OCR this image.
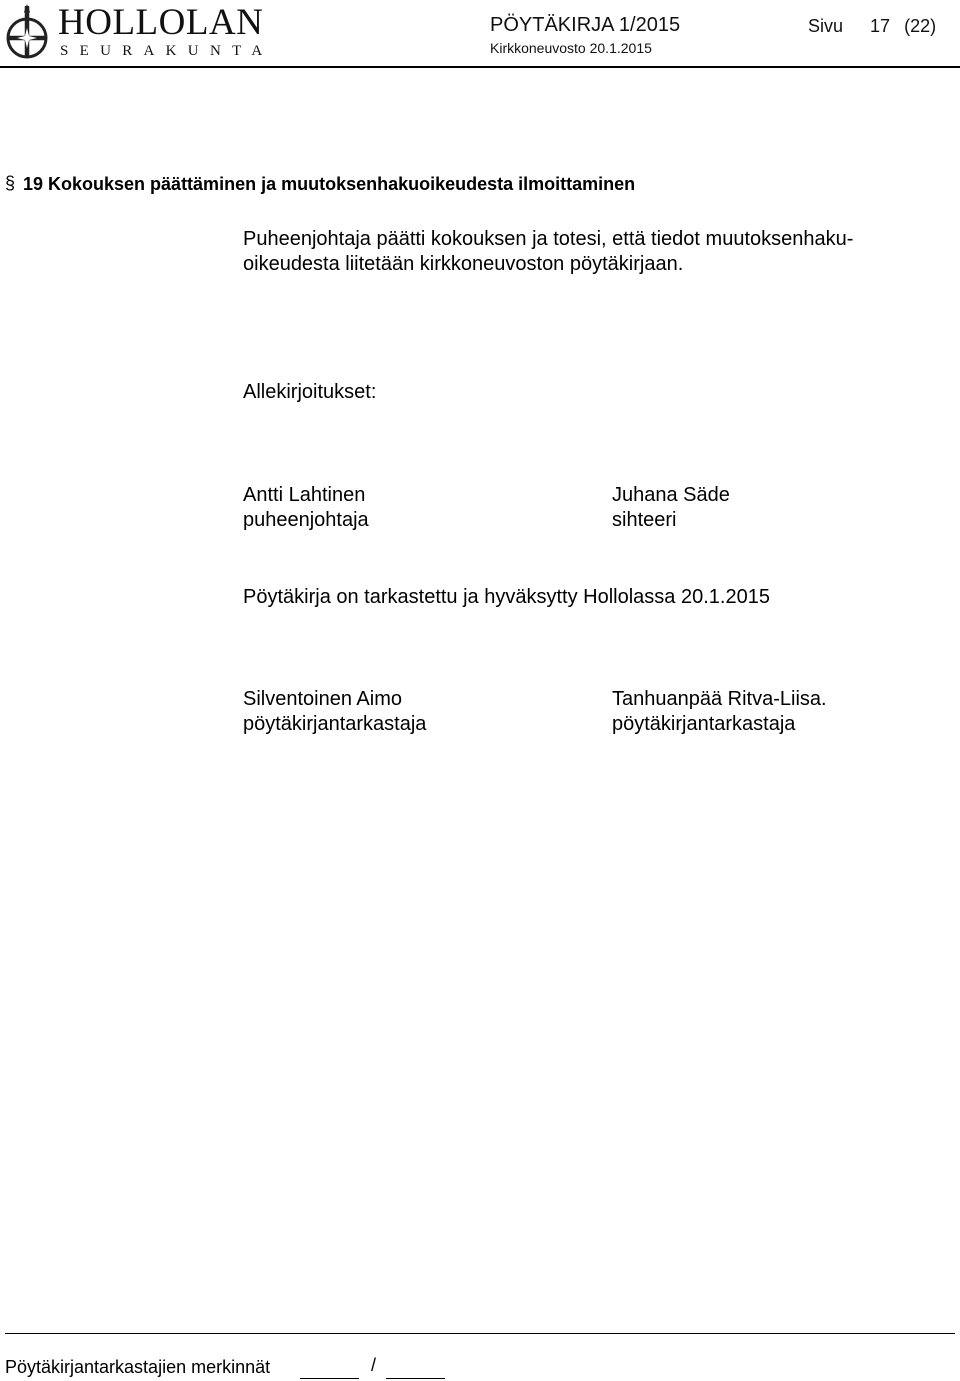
HOLLOLAN
SEURAKUNTA
PÖYTÄKIRJA 1/2015
Kirkkoneuvosto 20.1.2015
Sivu 17 (22)
§ 19 Kokouksen päättäminen ja muutoksenhakuoikeudesta ilmoittaminen
Puheenjohtaja päätti kokouksen ja totesi, että tiedot muutoksenhaku-
oikeudesta liitetään kirkkoneuvoston pöytäkirjaan.
Allekirjoitukset:
Antti Lahtinen
puheenjohtaja
Juhana Säde
sihteeri
Pöytäkirja on tarkastettu ja hyväksytty Hollolassa 20.1.2015
Silventoinen Aimo
pöytäkirjantarkastaja
Tanhuanpää Ritva-Liisa.
pöytäkirjantarkastaja
Pöytäkirjantarkastajien merkinnät	/
